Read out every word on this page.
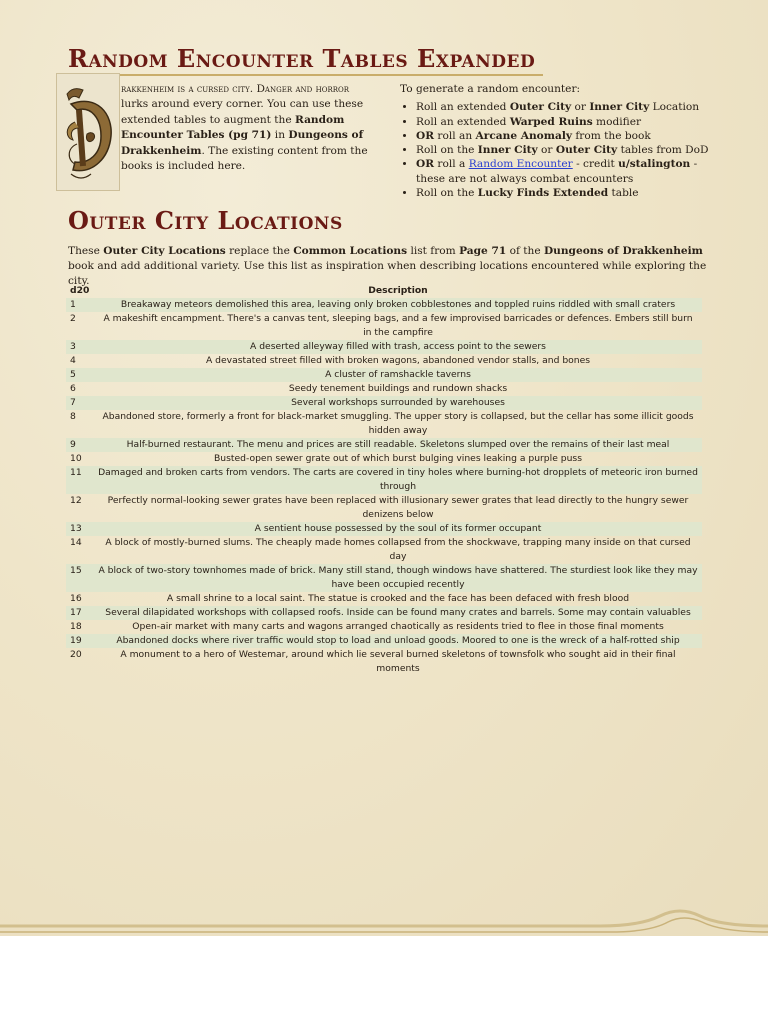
Random Encounter Tables Expanded
rakkenheim is a cursed city. Danger and horror lurks around every corner. You can use these extended tables to augment the Random Encounter Tables (pg 71) in Dungeons of Drakkenheim. The existing content from the books is included here.
To generate a random encounter:
• Roll an extended Outer City or Inner City Location
• Roll an extended Warped Ruins modifier
• OR roll an Arcane Anomaly from the book
• Roll on the Inner City or Outer City tables from DoD
• OR roll a Random Encounter - credit u/stalington - these are not always combat encounters
• Roll on the Lucky Finds Extended table
Outer City Locations
These Outer City Locations replace the Common Locations list from Page 71 of the Dungeons of Drakkenheim book and add additional variety. Use this list as inspiration when describing locations encountered while exploring the city.
d20	Description
1	Breakaway meteors demolished this area, leaving only broken cobblestones and toppled ruins riddled with small craters
2	A makeshift encampment. There's a canvas tent, sleeping bags, and a few improvised barricades or defences. Embers still burn in the campfire
3	A deserted alleyway filled with trash, access point to the sewers
4	A devastated street filled with broken wagons, abandoned vendor stalls, and bones
5	A cluster of ramshackle taverns
6	Seedy tenement buildings and rundown shacks
7	Several workshops surrounded by warehouses
8	Abandoned store, formerly a front for black-market smuggling. The upper story is collapsed, but the cellar has some illicit goods hidden away
9	Half-burned restaurant. The menu and prices are still readable. Skeletons slumped over the remains of their last meal
10	Busted-open sewer grate out of which burst bulging vines leaking a purple puss
11	Damaged and broken carts from vendors. The carts are covered in tiny holes where burning-hot dropplets of meteoric iron burned through
12	Perfectly normal-looking sewer grates have been replaced with illusionary sewer grates that lead directly to the hungry sewer denizens below
13	A sentient house possessed by the soul of its former occupant
14	A block of mostly-burned slums. The cheaply made homes collapsed from the shockwave, trapping many inside on that cursed day
15	A block of two-story townhomes made of brick. Many still stand, though windows have shattered. The sturdiest look like they may have been occupied recently
16	A small shrine to a local saint. The statue is crooked and the face has been defaced with fresh blood
17	Several dilapidated workshops with collapsed roofs. Inside can be found many crates and barrels. Some may contain valuables
18	Open-air market with many carts and wagons arranged chaotically as residents tried to flee in those final moments
19	Abandoned docks where river traffic would stop to load and unload goods. Moored to one is the wreck of a half-rotted ship
20	A monument to a hero of Westemar, around which lie several burned skeletons of townsfolk who sought aid in their final moments
